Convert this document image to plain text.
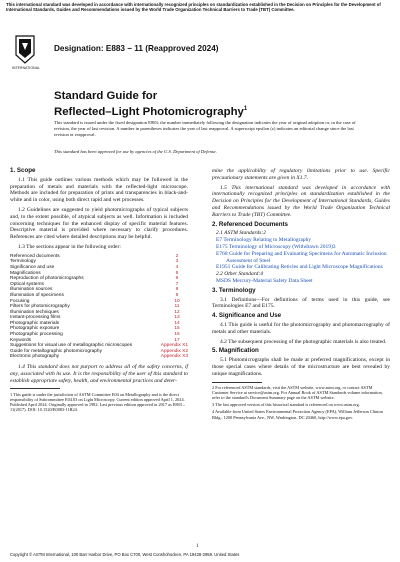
This international standard was developed in accordance with internationally recognized principles on standardization established in the Decision on Principles for the Development of International Standards, Guides and Recommendations issued by the World Trade Organization Technical Barriers to Trade (TBT) Committee.
INTERNATIONAL
Designation: E883 − 11 (Reapproved 2024)
Standard Guide for
Reflected–Light Photomicrography$^1$
This standard is issued under the fixed designation E883; the number immediately following the designation indicates the year of original adoption or, in the case of revision, the year of last revision. A number in parentheses indicates the year of last reapproval. A superscript epsilon (ε) indicates an editorial change since the last revision or reapproval.
This standard has been approved for use by agencies of the U.S. Department of Defense.
1. Scope

1.1 This guide outlines various methods which may be followed in the preparation of metals and materials with the reflected-light microscope. Methods are included for preparation of prints and transparencies in black-and-white and in color, using both direct rapid and wet processes.

1.2 Guidelines are suggested to yield photomicrographs of typical subjects and, to the extent possible, of atypical subjects as well. Information is included concerning techniques for the enhanced display of specific material features. Descriptive material is provided where necessary to clarify procedures. References are cited where detailed descriptions may be helpful.

1.3 The sections appear in the following order:

Referenced documents	2
Terminology	3
Significance and use	4
Magnifications	5
Reproduction of photomicrographs	6
Optical systems	7
Illumination sources	8
Illumination of specimens	9
Focusing	10
Filters for photomicrography	11
Illumination techniques	12
Instant-processing films	13
Photographic materials	14
Photographic exposure	15
Photographic processing	16
Keywords	17
Suggestions for visual use of metallographic microscopes	Appendix X1
Guide for metallographic photomicrography	Appendix X2
Electronic photography	Appendix X3

1.4 This standard does not purport to address all of the safety concerns, if any, associated with its use. It is the responsibility of the user of this standard to establish appropriate safety, health, and environmental practices and deter-

1 This guide is under the jurisdiction of ASTM Committee E04 on Metallography and is the direct responsibility of Subcommittee E04.03 on Light Microscopy. Current edition approved April 1, 2024. Published April 2024. Originally approved in 1982. Last previous edition approved in 2017 as E883 – 11(2017). DOI: 10.1520/E0883-11R24.

mine the applicability of regulatory limitations prior to use. Specific precautionary statements are given in X1.7.

1.5 This international standard was developed in accordance with internationally recognized principles on standardization established in the Decision on Principles for the Development of International Standards, Guides and Recommendations issued by the World Trade Organization Technical Barriers to Trade (TBT) Committee.

2. Referenced Documents
2.1 ASTM Standards:2
E7 Terminology Relating to Metallography
E175 Terminology of Microscopy (Withdrawn 2019)3
E768 Guide for Preparing and Evaluating Specimens for Automatic Inclusion Assessment of Steel
E1951 Guide for Calibrating Reticles and Light Microscope Magnifications
2.2 Other Standard:4
MSDS Mercury-Material Safety Data Sheet
3. Terminology

3.1 Definitions—For definitions of terms used in this guide, see Terminologies E7 and E175.

4. Significance and Use

4.1 This guide is useful for the photomicrography and photomacrography of metals and other materials.

4.2 The subsequent processing of the photographic materials is also treated.

5. Magnification

5.1 Photomicrographs shall be made at preferred magnifications, except in those special cases where details of the microstructure are best revealed by unique magnifications.

2 For referenced ASTM standards, visit the ASTM website, www.astm.org, or contact ASTM Customer Service at service@astm.org. For Annual Book of ASTM Standards volume information, refer to the standard's Document Summary page on the ASTM website.
3 The last approved version of this historical standard is referenced on www.astm.org.
4 Available from United States Environmental Protection Agency (EPA), William Jefferson Clinton Bldg., 1200 Pennsylvania Ave., NW, Washington, DC 20460, http://www.epa.gov.
1
Copyright © ASTM International, 100 Barr Harbor Drive, PO Box C700, West Conshohocken, PA 19428-2959. United States
